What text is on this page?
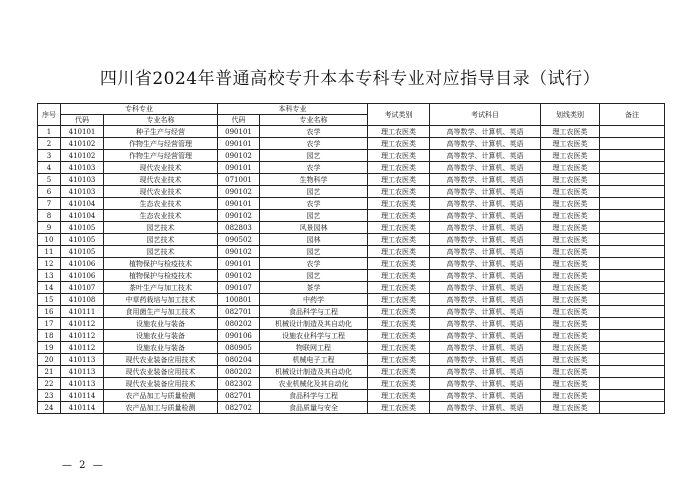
四川省2024年普通高校专升本本专科专业对应指导目录（试行）
序号	专科专业		本科专业		考试类别	考试科目	划线类别	备注
	代码	专业名称	代码	专业名称				
1	410101	种子生产与经营	090101	农学	理工农医类	高等数学、计算机、英语	理工农医类	
2	410102	作物生产与经营管理	090101	农学	理工农医类	高等数学、计算机、英语	理工农医类	
3	410102	作物生产与经营管理	090102	园艺	理工农医类	高等数学、计算机、英语	理工农医类	
4	410103	现代农业技术	090101	农学	理工农医类	高等数学、计算机、英语	理工农医类	
5	410103	现代农业技术	071001	生物科学	理工农医类	高等数学、计算机、英语	理工农医类	
6	410103	现代农业技术	090102	园艺	理工农医类	高等数学、计算机、英语	理工农医类	
7	410104	生态农业技术	090101	农学	理工农医类	高等数学、计算机、英语	理工农医类	
8	410104	生态农业技术	090102	园艺	理工农医类	高等数学、计算机、英语	理工农医类	
9	410105	园艺技术	082803	风景园林	理工农医类	高等数学、计算机、英语	理工农医类	
10	410105	园艺技术	090502	园林	理工农医类	高等数学、计算机、英语	理工农医类	
11	410105	园艺技术	090102	园艺	理工农医类	高等数学、计算机、英语	理工农医类	
12	410106	植物保护与检疫技术	090101	农学	理工农医类	高等数学、计算机、英语	理工农医类	
13	410106	植物保护与检疫技术	090102	园艺	理工农医类	高等数学、计算机、英语	理工农医类	
14	410107	茶叶生产与加工技术	090107	茶学	理工农医类	高等数学、计算机、英语	理工农医类	
15	410108	中草药栽培与加工技术	100801	中药学	理工农医类	高等数学、计算机、英语	理工农医类	
16	410111	食用菌生产与加工技术	082701	食品科学与工程	理工农医类	高等数学、计算机、英语	理工农医类	
17	410112	设施农业与装备	080202	机械设计制造及其自动化	理工农医类	高等数学、计算机、英语	理工农医类	
18	410112	设施农业与装备	090106	设施农业科学与工程	理工农医类	高等数学、计算机、英语	理工农医类	
19	410112	设施农业与装备	080905	物联网工程	理工农医类	高等数学、计算机、英语	理工农医类	
20	410113	现代农业装备应用技术	080204	机械电子工程	理工农医类	高等数学、计算机、英语	理工农医类	
21	410113	现代农业装备应用技术	080202	机械设计制造及其自动化	理工农医类	高等数学、计算机、英语	理工农医类	
22	410113	现代农业装备应用技术	082302	农业机械化及其自动化	理工农医类	高等数学、计算机、英语	理工农医类	
23	410114	农产品加工与质量检测	082701	食品科学与工程	理工农医类	高等数学、计算机、英语	理工农医类	
24	410114	农产品加工与质量检测	082702	食品质量与安全	理工农医类	高等数学、计算机、英语	理工农医类	
— 2 —
